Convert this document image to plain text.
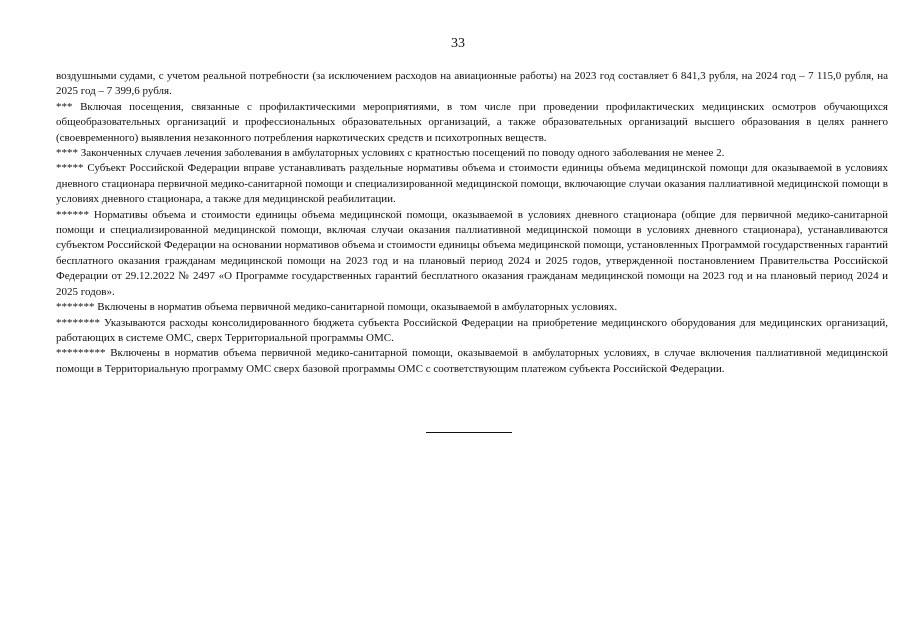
33

воздушными судами, с учетом реальной потребности (за исключением расходов на авиационные работы) на 2023 год составляет 6 841,3 рубля, на 2024 год – 7 115,0 рубля, на 2025 год – 7 399,6 рубля.

*** Включая посещения, связанные с профилактическими мероприятиями, в том числе при проведении профилактических медицинских осмотров обучающихся общеобразовательных организаций и профессиональных образовательных организаций, а также образовательных организаций высшего образования в целях раннего (своевременного) выявления незаконного потребления наркотических средств и психотропных веществ.

**** Законченных случаев лечения заболевания в амбулаторных условиях с кратностью посещений по поводу одного заболевания не менее 2.

***** Субъект Российской Федерации вправе устанавливать раздельные нормативы объема и стоимости единицы объема медицинской помощи для оказываемой в условиях дневного стационара первичной медико-санитарной помощи и специализированной медицинской помощи, включающие случаи оказания паллиативной медицинской помощи в условиях дневного стационара, а также для медицинской реабилитации.

****** Нормативы объема и стоимости единицы объема медицинской помощи, оказываемой в условиях дневного стационара (общие для первичной медико-санитарной помощи и специализированной медицинской помощи, включая случаи оказания паллиативной медицинской помощи в условиях дневного стационара), устанавливаются субъектом Российской Федерации на основании нормативов объема и стоимости единицы объема медицинской помощи, установленных Программой государственных гарантий бесплатного оказания гражданам медицинской помощи на 2023 год и на плановый период 2024 и 2025 годов, утвержденной постановлением Правительства Российской Федерации от 29.12.2022 № 2497 «О Программе государственных гарантий бесплатного оказания гражданам медицинской помощи на 2023 год и на плановый период 2024 и 2025 годов».

******* Включены в норматив объема первичной медико-санитарной помощи, оказываемой в амбулаторных условиях.

******** Указываются расходы консолидированного бюджета субъекта Российской Федерации на приобретение медицинского оборудования для медицинских организаций, работающих в системе ОМС, сверх Территориальной программы ОМС.

********* Включены в норматив объема первичной медико-санитарной помощи, оказываемой в амбулаторных условиях, в случае включения паллиативной медицинской помощи в Территориальную программу ОМС сверх базовой программы ОМС с соответствующим платежом субъекта Российской Федерации.
